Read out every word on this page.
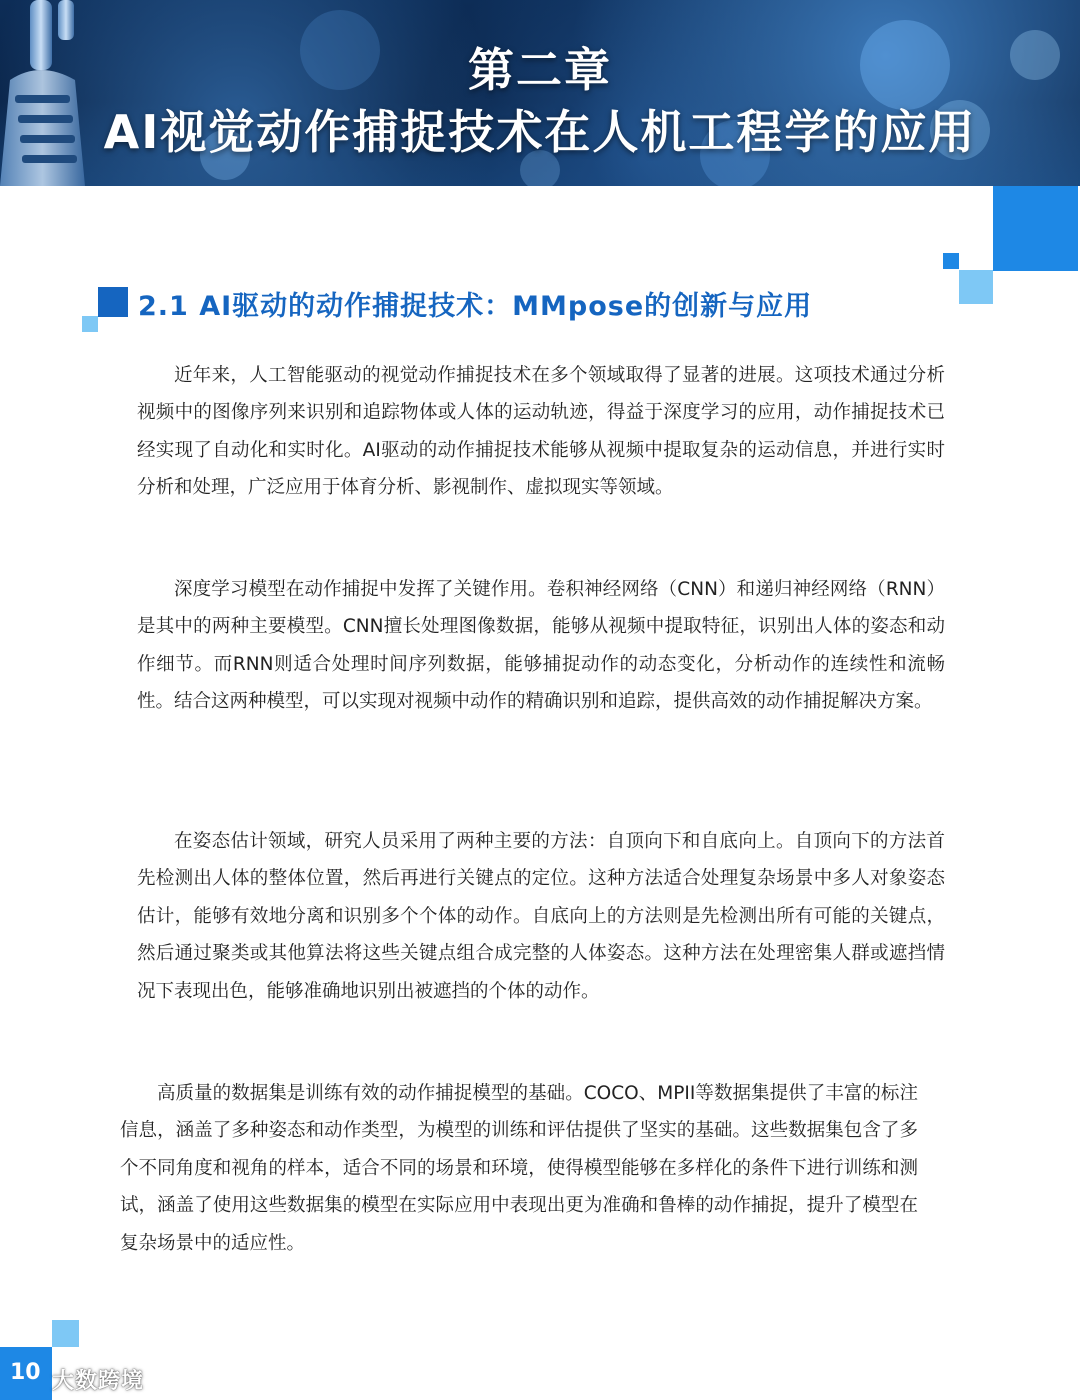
第二章
AI视觉动作捕捉技术在人机工程学的应用
2.1 AI驱动的动作捕捉技术：MMpose的创新与应用

近年来，人工智能驱动的视觉动作捕捉技术在多个领域取得了显著的进展。这项技术通过分析视频中的图像序列来识别和追踪物体或人体的运动轨迹，得益于深度学习的应用，动作捕捉技术已经实现了自动化和实时化。AI驱动的动作捕捉技术能够从视频中提取复杂的运动信息，并进行实时分析和处理，广泛应用于体育分析、影视制作、虚拟现实等领域。

深度学习模型在动作捕捉中发挥了关键作用。卷积神经网络（CNN）和递归神经网络（RNN）是其中的两种主要模型。CNN擅长处理图像数据，能够从视频中提取特征，识别出人体的姿态和动作细节。而RNN则适合处理时间序列数据，能够捕捉动作的动态变化，分析动作的连续性和流畅性。结合这两种模型，可以实现对视频中动作的精确识别和追踪，提供高效的动作捕捉解决方案。

在姿态估计领域，研究人员采用了两种主要的方法：自顶向下和自底向上。自顶向下的方法首先检测出人体的整体位置，然后再进行关键点的定位。这种方法适合处理复杂场景中多人对象姿态估计，能够有效地分离和识别多个个体的动作。自底向上的方法则是先检测出所有可能的关键点，然后通过聚类或其他算法将这些关键点组合成完整的人体姿态。这种方法在处理密集人群或遮挡情况下表现出色，能够准确地识别出被遮挡的个体的动作。

高质量的数据集是训练有效的动作捕捉模型的基础。COCO、MPII等数据集提供了丰富的标注信息，涵盖了多种姿态和动作类型，为模型的训练和评估提供了坚实的基础。这些数据集包含了多个不同角度和视角的样本，适合不同的场景和环境，使得模型能够在多样化的条件下进行训练和测试，涵盖了使用这些数据集的模型在实际应用中表现出更为准确和鲁棒的动作捕捉，提升了模型在复杂场景中的适应性。

10 大数跨境
